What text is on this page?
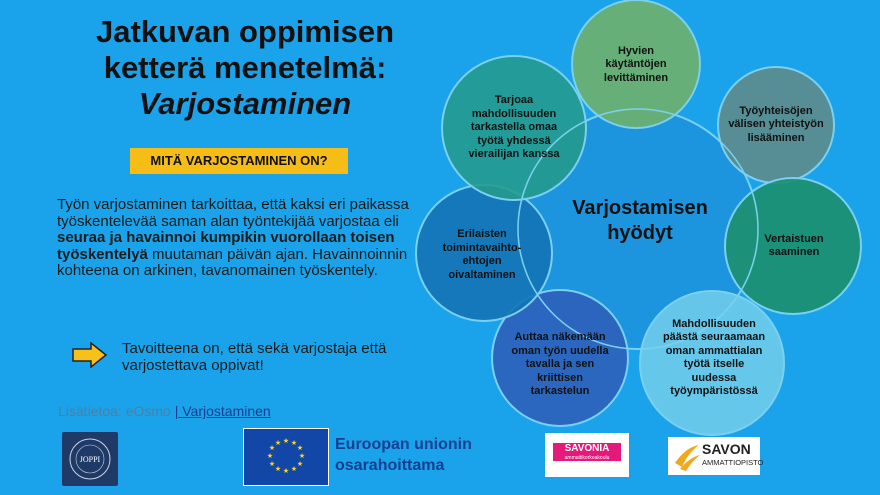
Jatkuvan oppimisen
ketterä menetelmä:
Varjostaminen
MITÄ VARJOSTAMINEN ON?
Työn varjostaminen tarkoittaa, että kaksi eri paikassa työskentelevää saman alan työntekijää varjostaa eli seuraa ja havainnoi kumpikin vuorollaan toisen työskentelyä muutaman päivän ajan. Havainnoinnin kohteena on arkinen, tavanomainen työskentely.
Tavoitteena on, että sekä varjostaja että varjostettava oppivat!
Lisätietoa: eOsmo | Varjostaminen
Varjostamisen hyödyt
Hyvien käytäntöjen levittäminen
Työyhteisöjen välisen yhteistyön lisääminen
Vertaistuen saaminen
Mahdollisuuden päästä seuraamaan oman ammattialan työtä itselle uudessa työympäristössä
Auttaa näkemään oman työn uudella tavalla ja sen kriittisen tarkastelun
Erilaisten toimintavaihto-ehtojen oivaltaminen
Tarjoaa mahdollisuuden tarkastella omaa työtä yhdessä vierailijan kanssa
JOPPI
★ ★
★
★
★
★
★
★
★
★
★
★	Euroopan unionin
osarahoittama
SAVONIA
ammattikorkeakoulu
SAVON
AMMATTIOPISTO
